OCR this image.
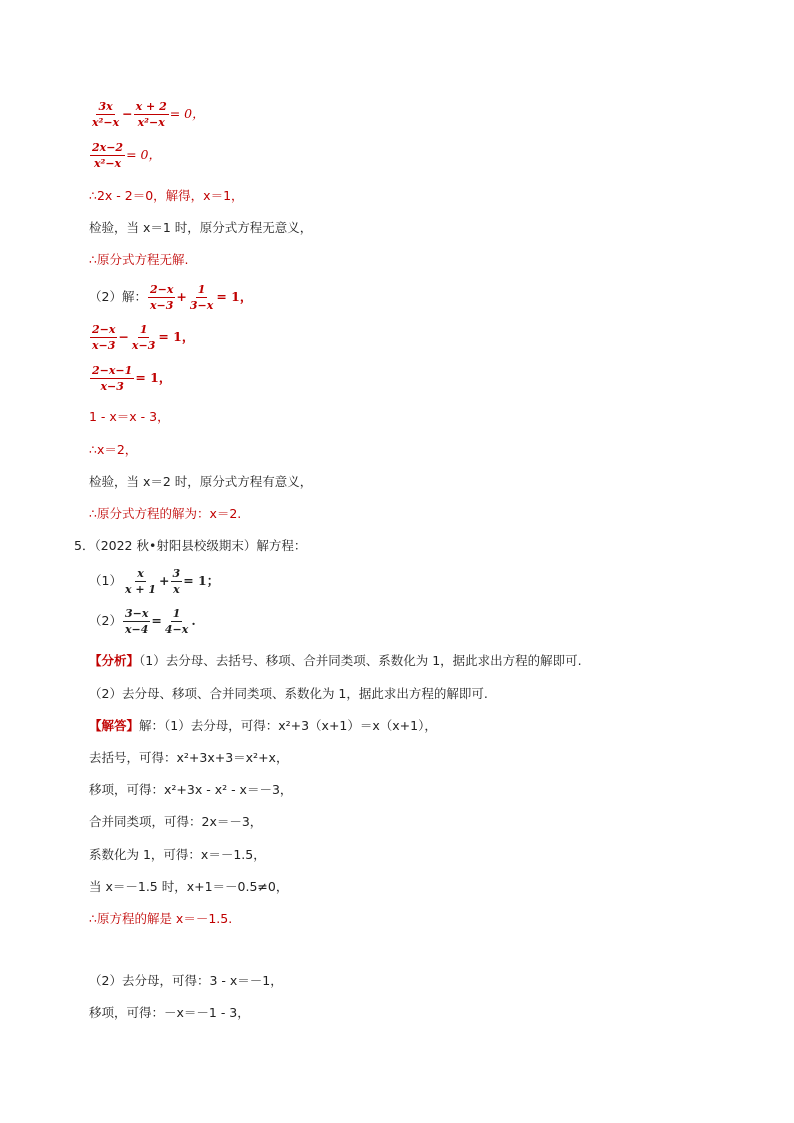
$\frac{3x}{\text{x²−x}} - \frac{x + 2}{\text{x²−x}} = 0$，
$\frac{2x-2}{\text{x²−x}} = 0$，
∴2x - 2＝0，解得，x＝1，
检验，当 x＝1 时，原分式方程无意义，
∴原分式方程无解.
（2）解： $\frac{2-x}{x-3} + \frac{1}{3-x} = 1$，
$\frac{2-x}{x-3} - \frac{1}{x-3} = 1$，
$\frac{2-x-1}{x-3} = 1$，
1 - x＝x - 3，
∴x＝2，
检验，当 x＝2 时，原分式方程有意义，
∴原分式方程的解为：x＝2.
5．（2022 秋•射阳县校级期末）解方程：
$(1) \frac{x}{x + 1} + \frac{3}{x} = 1$；
$(2) \frac{3-x}{x-4} = \frac{1}{4-x}$ .
【分析】（1）去分母、去括号、移项、合并同类项、系数化为 1，据此求出方程的解即可.
（2）去分母、移项、合并同类项、系数化为 1，据此求出方程的解即可.
【解答】解：（1）去分母，可得：x²+3（x+1）＝x（x+1），
去括号，可得：x²+3x+3＝x²+x，
移项，可得：x²+3x - x² - x＝－3，
合并同类项，可得：2x＝－3，
系数化为 1，可得：x＝－1.5，
当 x＝－1.5 时，x+1＝－0.5≠0，
∴原方程的解是 x＝－1.5.
（2）去分母，可得：3 - x＝－1，
移项，可得：－x＝－1 - 3，
